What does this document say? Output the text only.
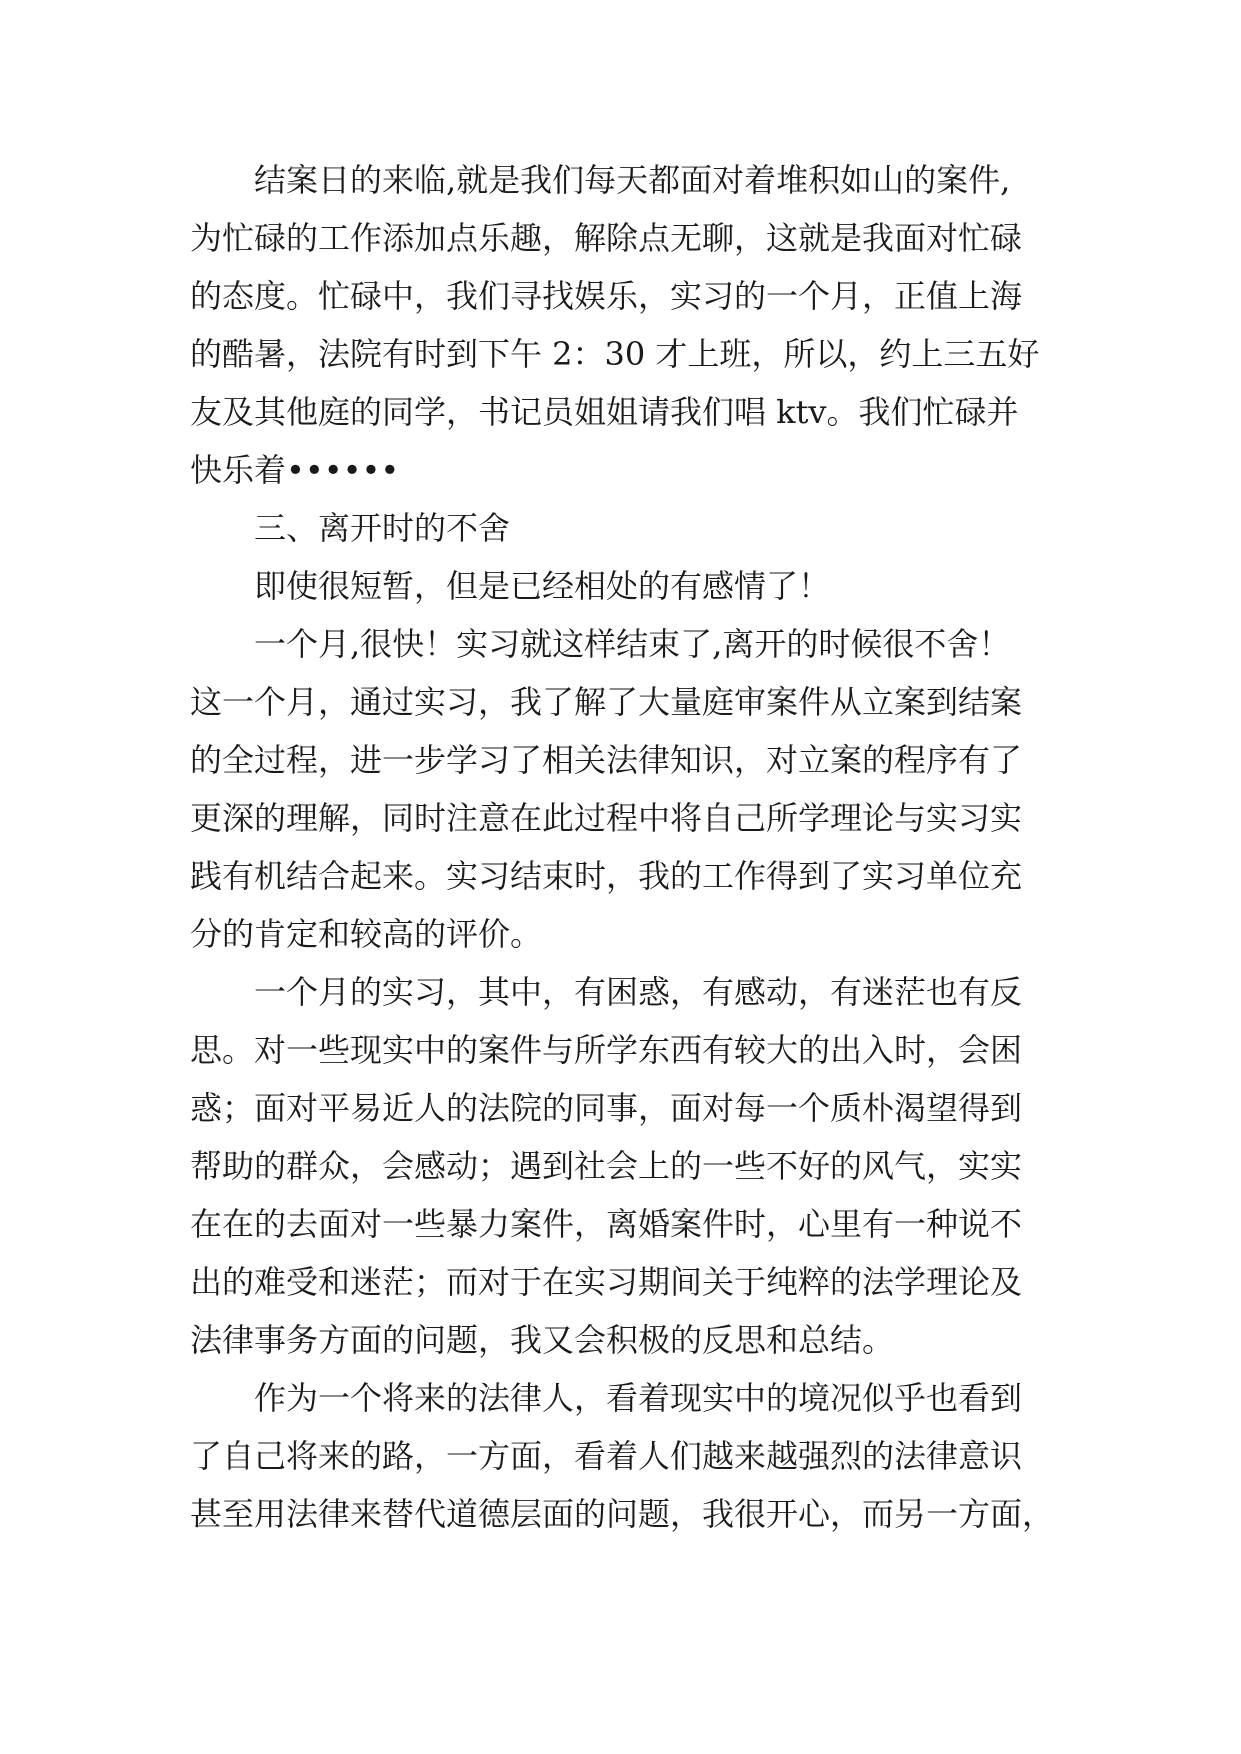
结案日的来临,就是我们每天都面对着堆积如山的案件,
为忙碌的工作添加点乐趣，解除点无聊，这就是我面对忙碌
的态度。忙碌中，我们寻找娱乐，实习的一个月，正值上海
的酷暑，法院有时到下午 2：30 才上班，所以，约上三五好
友及其他庭的同学，书记员姐姐请我们唱 ktv。我们忙碌并
快乐着••••••
三、离开时的不舍
即使很短暂，但是已经相处的有感情了！
一个月,很快！实习就这样结束了,离开的时候很不舍！
这一个月，通过实习，我了解了大量庭审案件从立案到结案
的全过程，进一步学习了相关法律知识，对立案的程序有了
更深的理解，同时注意在此过程中将自己所学理论与实习实
践有机结合起来。实习结束时，我的工作得到了实习单位充
分的肯定和较高的评价。
一个月的实习，其中，有困惑，有感动，有迷茫也有反
思。对一些现实中的案件与所学东西有较大的出入时，会困
惑；面对平易近人的法院的同事，面对每一个质朴渴望得到
帮助的群众，会感动；遇到社会上的一些不好的风气，实实
在在的去面对一些暴力案件，离婚案件时，心里有一种说不
出的难受和迷茫；而对于在实习期间关于纯粹的法学理论及
法律事务方面的问题，我又会积极的反思和总结。
作为一个将来的法律人，看着现实中的境况似乎也看到
了自己将来的路，一方面，看着人们越来越强烈的法律意识
甚至用法律来替代道德层面的问题，我很开心，而另一方面，
